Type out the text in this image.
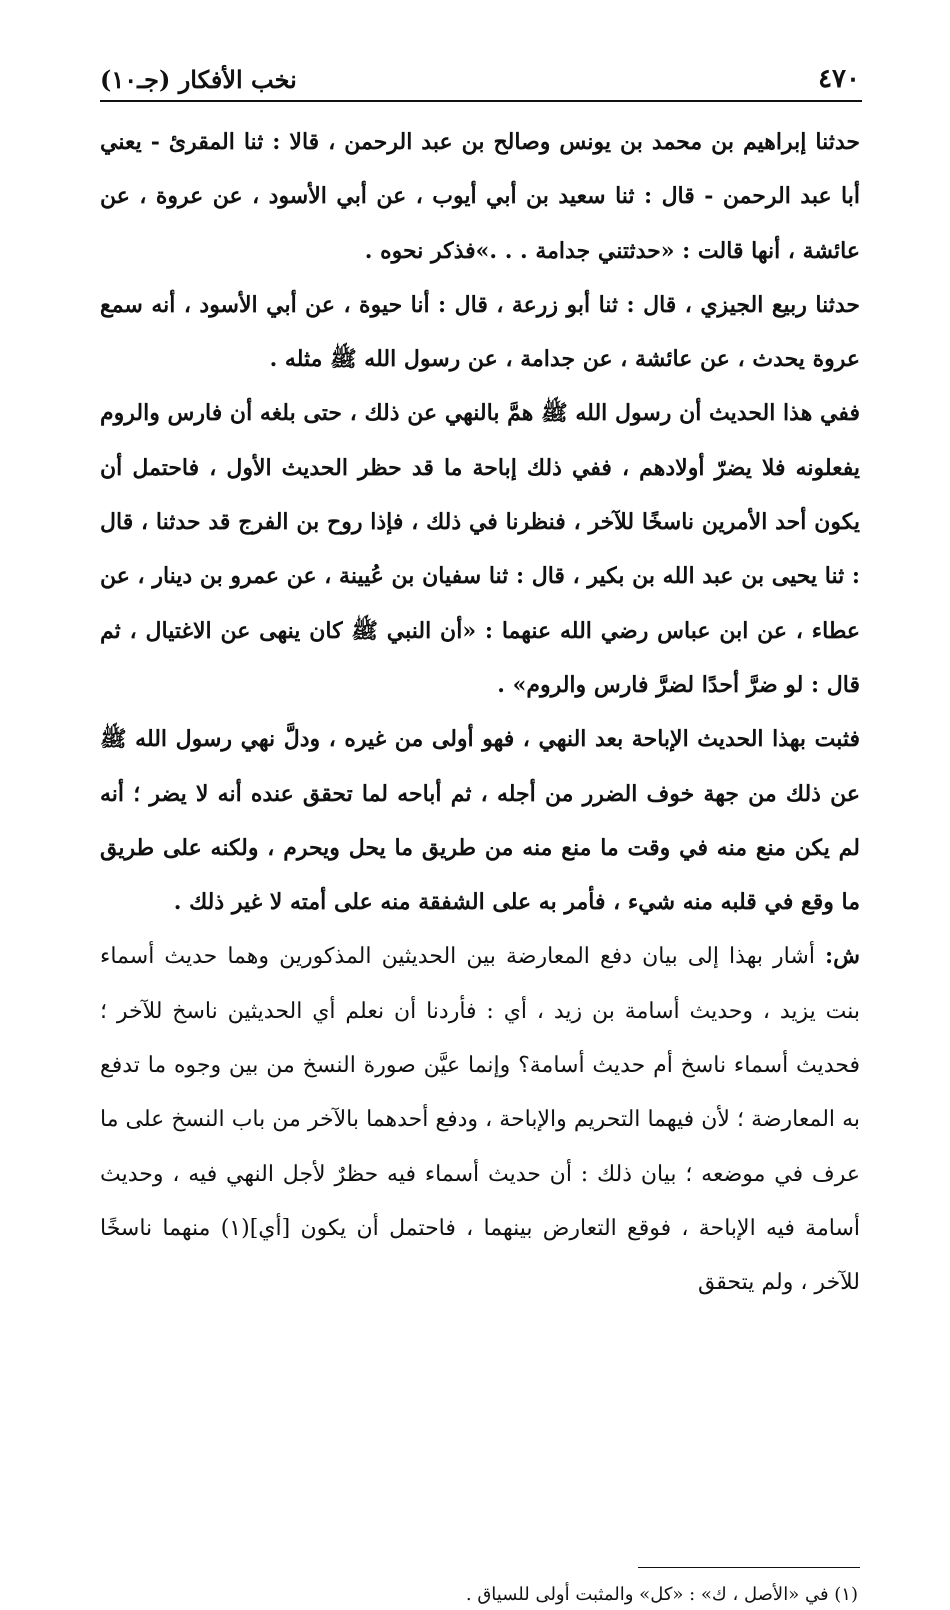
٤٧٠
نخب الأفكار (جـ١٠)

حدثنا إبراهيم بن محمد بن يونس وصالح بن عبد الرحمن ، قالا : ثنا المقرئ - يعني أبا عبد الرحمن - قال : ثنا سعيد بن أبي أيوب ، عن أبي الأسود ، عن عروة ، عن عائشة ، أنها قالت : «حدثتني جدامة . . .»فذكر نحوه .

حدثنا ربيع الجيزي ، قال : ثنا أبو زرعة ، قال : أنا حيوة ، عن أبي الأسود ، أنه سمع عروة يحدث ، عن عائشة ، عن جدامة ، عن رسول الله ﷺ مثله .

ففي هذا الحديث أن رسول الله ﷺ همَّ بالنهي عن ذلك ، حتى بلغه أن فارس والروم يفعلونه فلا يضرّ أولادهم ، ففي ذلك إباحة ما قد حظر الحديث الأول ، فاحتمل أن يكون أحد الأمرين ناسخًا للآخر ، فنظرنا في ذلك ، فإذا روح بن الفرج قد حدثنا ، قال : ثنا يحيى بن عبد الله بن بكير ، قال : ثنا سفيان بن عُيينة ، عن عمرو بن دينار ، عن عطاء ، عن ابن عباس رضي الله عنهما : «أن النبي ﷺ كان ينهى عن الاغتيال ، ثم قال : لو ضرَّ أحدًا لضرَّ فارس والروم» .

فثبت بهذا الحديث الإباحة بعد النهي ، فهو أولى من غيره ، ودلَّ نهي رسول الله ﷺ عن ذلك من جهة خوف الضرر من أجله ، ثم أباحه لما تحقق عنده أنه لا يضر ؛ أنه لم يكن منع منه في وقت ما منع منه من طريق ما يحل ويحرم ، ولكنه على طريق ما وقع في قلبه منه شيء ، فأمر به على الشفقة منه على أمته لا غير ذلك .

ش: أشار بهذا إلى بيان دفع المعارضة بين الحديثين المذكورين وهما حديث أسماء بنت يزيد ، وحديث أسامة بن زيد ، أي : فأردنا أن نعلم أي الحديثين ناسخ للآخر ؛ فحديث أسماء ناسخ أم حديث أسامة؟ وإنما عيَّن صورة النسخ من بين وجوه ما تدفع به المعارضة ؛ لأن فيهما التحريم والإباحة ، ودفع أحدهما بالآخر من باب النسخ على ما عرف في موضعه ؛ بيان ذلك : أن حديث أسماء فيه حظرٌ لأجل النهي فيه ، وحديث أسامة فيه الإباحة ، فوقع التعارض بينهما ، فاحتمل أن يكون [أي](١) منهما ناسخًا للآخر ، ولم يتحقق

(١) في «الأصل ، ك» : «كل» والمثبت أولى للسياق .
